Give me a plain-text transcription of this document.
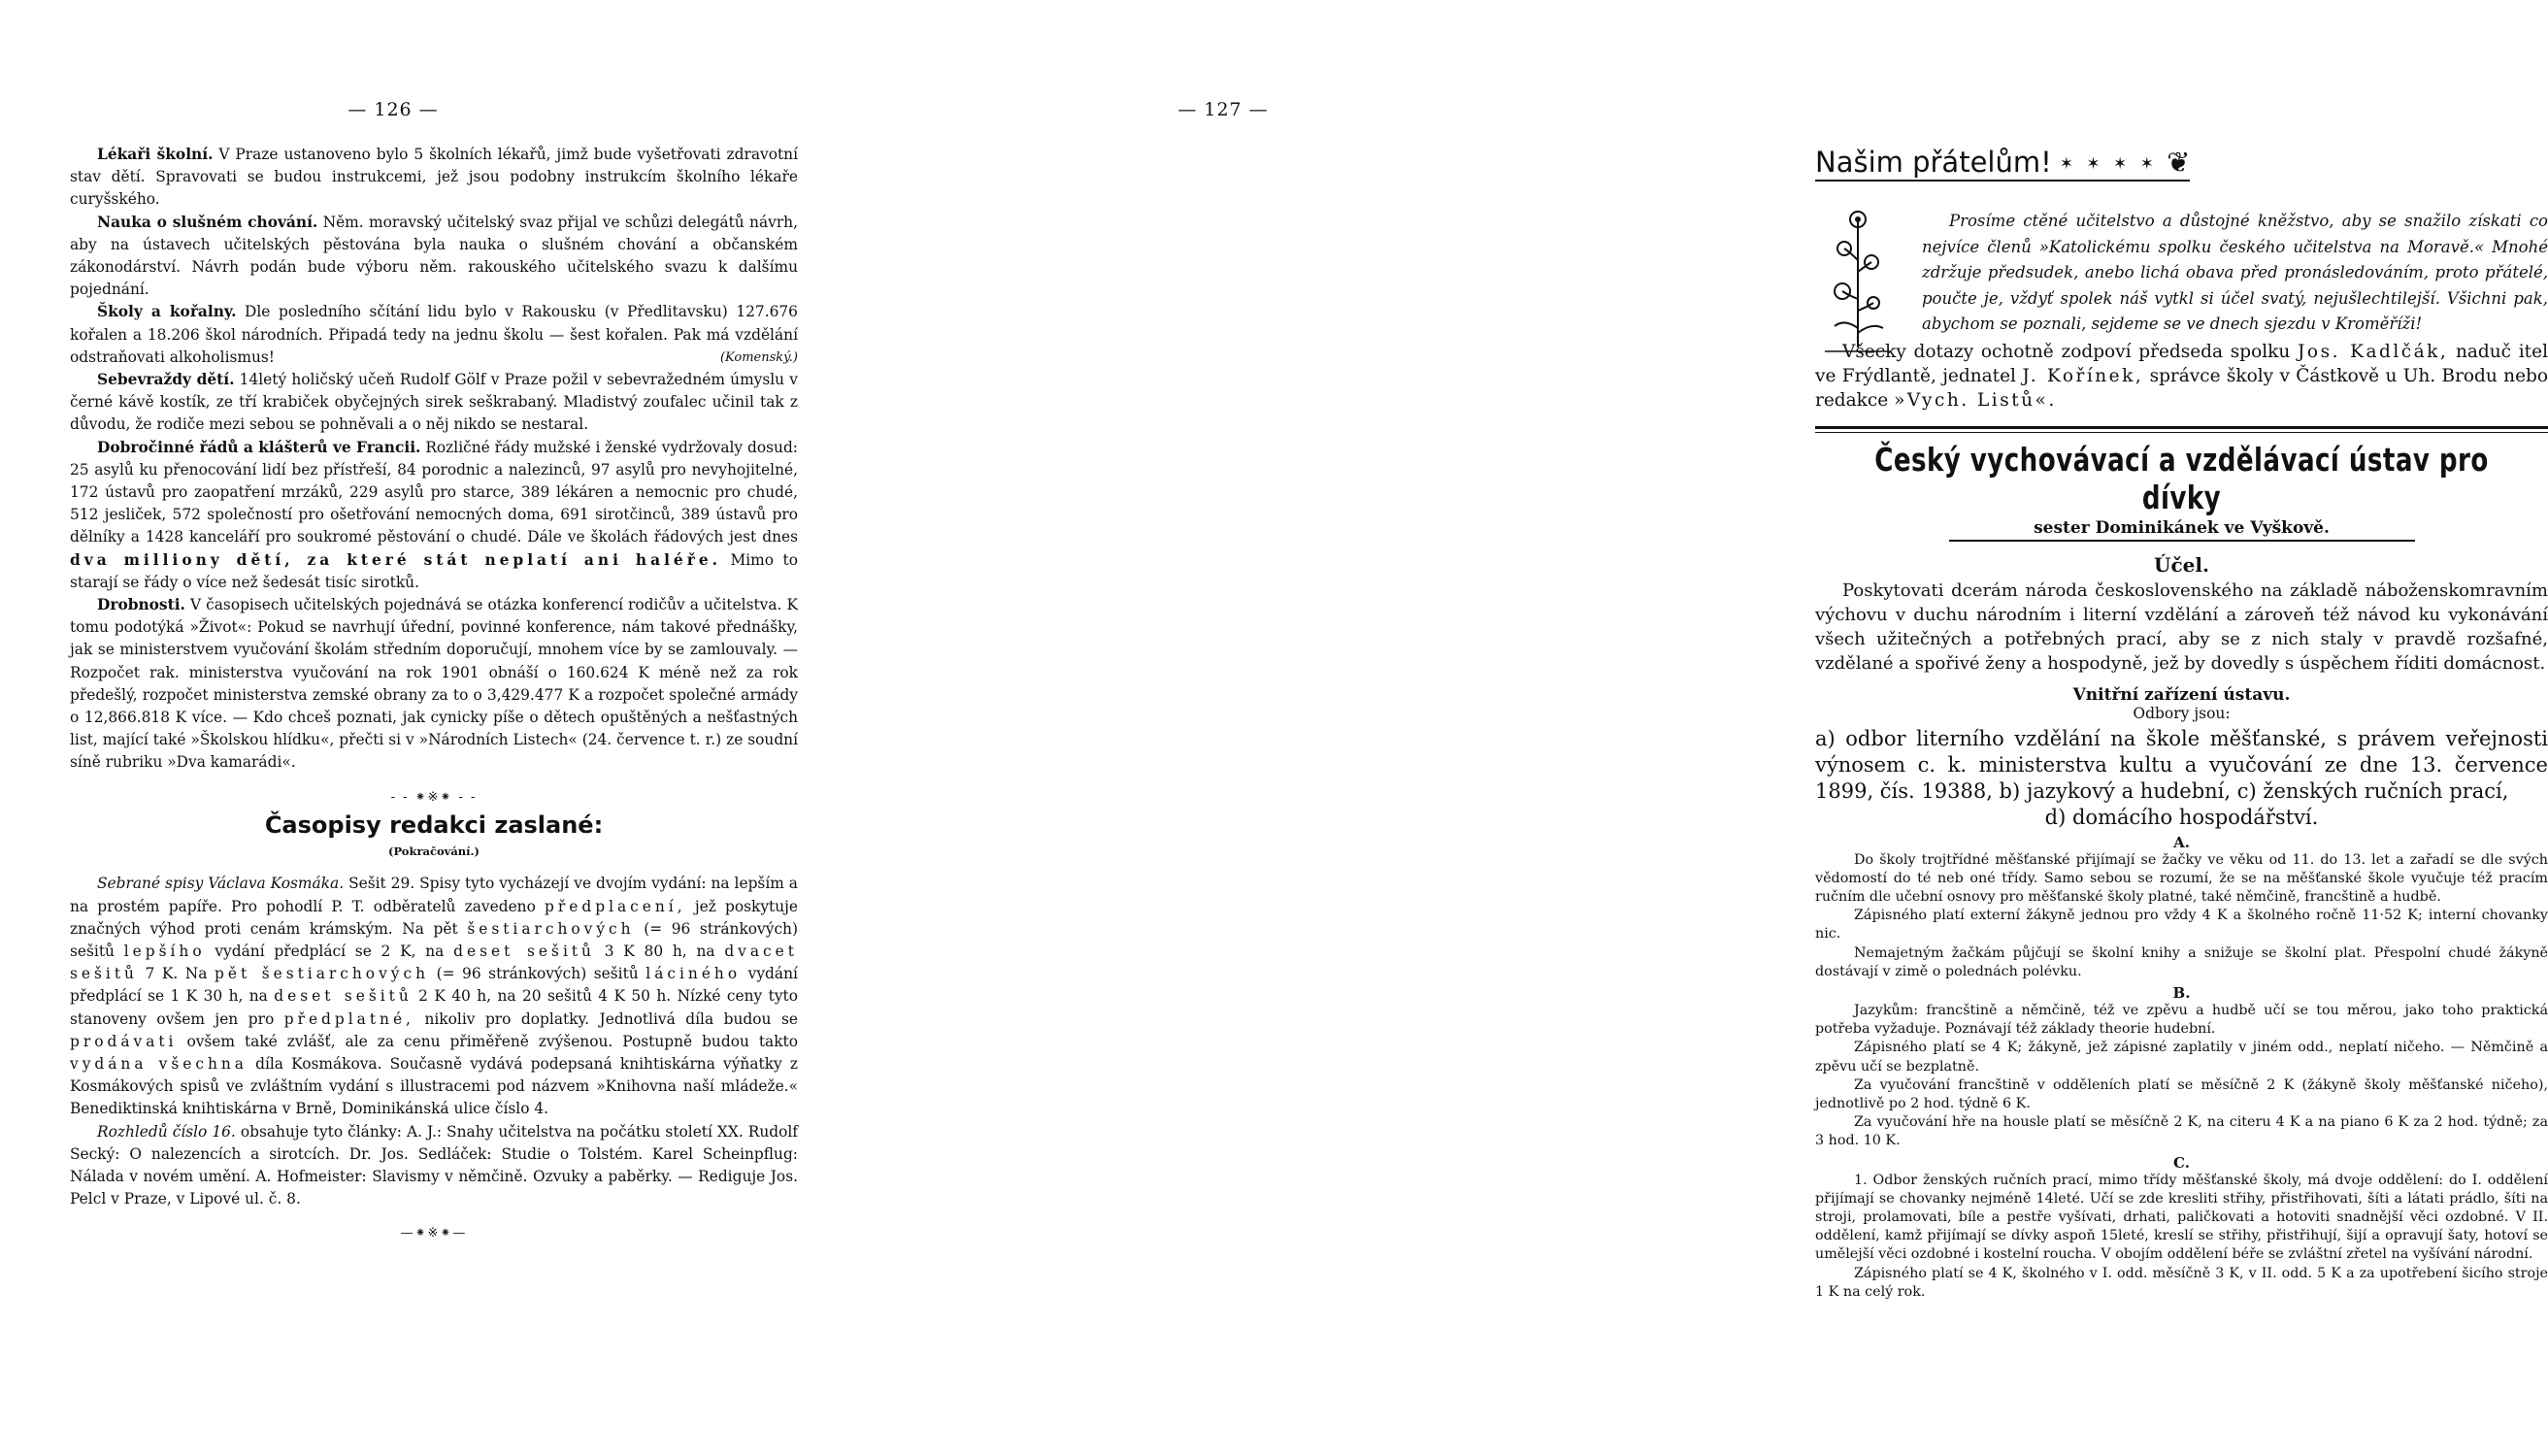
— 126 —

Lékaři školní. V Praze ustanoveno bylo 5 školních lékařů, jimž bude vyšetřovati zdravotní stav dětí. Spravovati se budou instrukcemi, jež jsou podobny instrukcím školního lékaře curyšského.

Nauka o slušném chování. Něm. moravský učitelský svaz přijal ve schůzi delegátů návrh, aby na ústavech učitelských pěstována byla nauka o slušném chování a občanském zákonodárství. Návrh podán bude výboru něm. rakouského učitelského svazu k dalšímu pojednání.

Školy a kořalny. Dle posledního sčítání lidu bylo v Rakousku (v Předlitavsku) 127.676 kořalen a 18.206 škol národních. Připadá tedy na jednu školu — šest kořalen. Pak má vzdělání odstraňovati alkoholismus!	(Komenský.)

Sebevraždy dětí. 14letý holičský učeň Rudolf Gölf v Praze požil v sebevražedném úmyslu v černé kávě kostík, ze tří krabiček obyčejných sirek seškrabaný. Mladistvý zoufalec učinil tak z důvodu, že rodiče mezi sebou se pohněvali a o něj nikdo se nestaral.

Dobročinné řádů a klášterů ve Francii. Rozličné řády mužské i ženské vydržovaly dosud: 25 asylů ku přenocování lidí bez přístřeší, 84 porodnic a nalezinců, 97 asylů pro nevyhojitelné, 172 ústavů pro zaopatření mrzáků, 229 asylů pro starce, 389 lékáren a nemocnic pro chudé, 512 jesliček, 572 společností pro ošetřování nemocných doma, 691 sirotčinců, 389 ústavů pro dělníky a 1428 kanceláří pro soukromé pěstování o chudé. Dále ve školách řádových jest dnes dva milliony dětí, za které stát neplatí ani haléře. Mimo to starají se řády o více než šedesát tisíc sirotků.

Drobnosti. V časopisech učitelských pojednává se otázka konferencí rodičův a učitelstva. K tomu podotýká »Život«: Pokud se navrhují úřední, povinné konference, nám takové přednášky, jak se ministerstvem vyučování školám středním doporučují, mnohem více by se zamlouvaly. — Rozpočet rak. ministerstva vyučování na rok 1901 obnáší o 160.624 K méně než za rok předešlý, rozpočet ministerstva zemské obrany za to o 3,429.477 K a rozpočet společné armády o 12,866.818 K více. — Kdo chceš poznati, jak cynicky píše o dětech opuštěných a nešťastných list, mající také »Školskou hlídku«, přečti si v »Národních Listech« (24. července t. r.) ze soudní síně rubriku »Dva kamarádi«.

- - ⁕※⁕ - -
Časopisy redakci zaslané:
(Pokračování.)

Sebrané spisy Václava Kosmáka. Sešit 29. Spisy tyto vycházejí ve dvojím vydání: na lepším a na prostém papíře. Pro pohodlí P. T. odběratelů zavedeno předplacení, jež poskytuje značných výhod proti cenám krámským. Na pět šestiarchových (= 96 stránkových) sešitů lepšího vydání předplácí se 2 K, na deset sešitů 3 K 80 h, na dvacet sešitů 7 K. Na pět šestiarchových (= 96 stránkových) sešitů láciného vydání předplácí se 1 K 30 h, na deset sešitů 2 K 40 h, na 20 sešitů 4 K 50 h. Nízké ceny tyto stanoveny ovšem jen pro předplatné, nikoliv pro doplatky. Jednotlivá díla budou se prodávati ovšem také zvlášť, ale za cenu přiměřeně zvýšenou. Postupně budou takto vydána všechna díla Kosmákova. Současně vydává podepsaná knihtiskárna výňatky z Kosmákových spisů ve zvláštním vydání s illustracemi pod názvem »Knihovna naší mládeže.« Benediktinská knihtiskárna v Brně, Dominikánská ulice číslo 4.

Rozhledů číslo 16. obsahuje tyto články: A. J.: Snahy učitelstva na počátku století XX. Rudolf Secký: O nalezencích a sirotcích. Dr. Jos. Sedláček: Studie o Tolstém. Karel Scheinpflug: Nálada v novém umění. A. Hofmeister: Slavismy v němčině. Ozvuky a paběrky. — Rediguje Jos. Pelcl v Praze, v Lipové ul. č. 8.

—⁕※⁕—
— 127 —
Našim přátelům! ✶ ✶ ✶ ✶ ❦
Prosíme ctěné učitelstvo a důstojné kněžstvo, aby se snažilo získati co nejvíce členů »Katolickému spolku českého učitelstva na Moravě.« Mnohé zdržuje předsudek, anebo lichá obava před pronásledováním, proto přátelé, poučte je, vždyť spolek náš vytkl si účel svatý, nejušlechtilejší. Všichni pak, abychom se poznali, sejdeme se ve dnech sjezdu v Kroměříži!

Všecky dotazy ochotně zodpoví předseda spolku Jos. Kadlčák, naduč itel ve Frýdlantě, jednatel J. Kořínek, správce školy v Částkově u Uh. Brodu nebo redakce »Vych. Listů«.

Český vychovávací a vzdělávací ústav pro dívky
sester Dominikánek ve Vyškově.
Účel.

Poskytovati dcerám národa československého na základě náboženskomravním výchovu v duchu národním i literní vzdělání a zároveň též návod ku vykonávání všech užitečných a potřebných prací, aby se z nich staly v pravdě rozšafné, vzdělané a spořivé ženy a hospodyně, jež by dovedly s úspěchem říditi domácnost.

Vnitřní zařízení ústavu.
Odbory jsou:

a) odbor literního vzdělání na škole měšťanské, s právem veřejnosti výnosem c. k. ministerstva kultu a vyučování ze dne 13. července 1899, čís. 19388, b) jazykový a hudební, c) ženských ručních prací,

d) domácího hospodářství.

A.

Do školy trojtřídné měšťanské přijímají se žačky ve věku od 11. do 13. let a zařadí se dle svých vědomostí do té neb oné třídy. Samo sebou se rozumí, že se na měšťanské škole vyučuje též pracím ručním dle učební osnovy pro měšťanské školy platné, také němčině, francštině a hudbě.

Zápisného platí externí žákyně jednou pro vždy 4 K a školného ročně 11·52 K; interní chovanky nic.

Nemajetným žačkám půjčují se školní knihy a snižuje se školní plat. Přespolní chudé žákyně dostávají v zimě o polednách polévku.

B.

Jazykům: francštině a němčině, též ve zpěvu a hudbě učí se tou měrou, jako toho praktická potřeba vyžaduje. Poznávají též základy theorie hudební.

Zápisného platí se 4 K; žákyně, jež zápisné zaplatily v jiném odd., neplatí ničeho. — Němčině a zpěvu učí se bezplatně.

Za vyučování francštině v odděleních platí se měsíčně 2 K (žákyně školy měšťanské ničeho), jednotlivě po 2 hod. týdně 6 K.

Za vyučování hře na housle platí se měsíčně 2 K, na citeru 4 K a na piano 6 K za 2 hod. týdně; za 3 hod. 10 K.

C.

1. Odbor ženských ručních prací, mimo třídy měšťanské školy, má dvoje oddělení: do I. oddělení přijímají se chovanky nejméně 14leté. Učí se zde kresliti střihy, přistřihovati, šíti a látati prádlo, šíti na stroji, prolamovati, bíle a pestře vyšívati, drhati, paličkovati a hotoviti snadnější věci ozdobné. V II. oddělení, kamž přijímají se dívky aspoň 15leté, kreslí se střihy, přistřihují, šijí a opravují šaty, hotoví se umělejší věci ozdobné i kostelní roucha. V obojím oddělení béře se zvláštní zřetel na vyšívání národní.

Zápisného platí se 4 K, školného v I. odd. měsíčně 3 K, v II. odd. 5 K a za upotřebení šicího stroje 1 K na celý rok.
